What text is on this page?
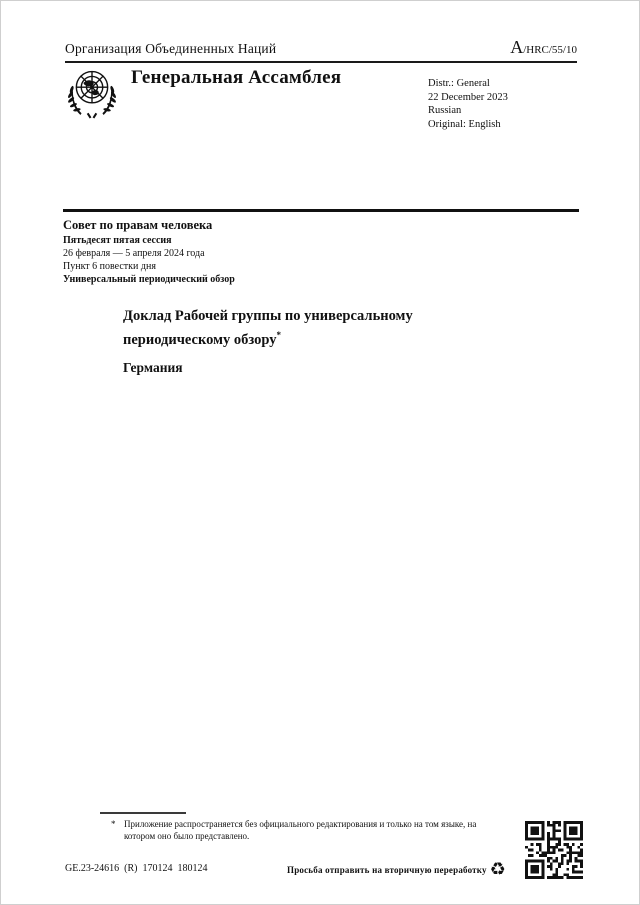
Организация Объединенных Наций	A/HRC/55/10
Генеральная Ассамблея	Distr.: General
22 December 2023
Russian
Original: English
Совет по правам человека
Пятьдесят пятая сессия
26 февраля — 5 апреля 2024 года
Пункт 6 повестки дня
Универсальный периодический обзор
Доклад Рабочей группы по универсальному периодическому обзору*
Германия
* Приложение распространяется без официального редактирования и только на том языке, на котором оно было представлено.
GE.23-24616  (R)  170124  180124	Просьба отправить на вторичную переработку ♻
